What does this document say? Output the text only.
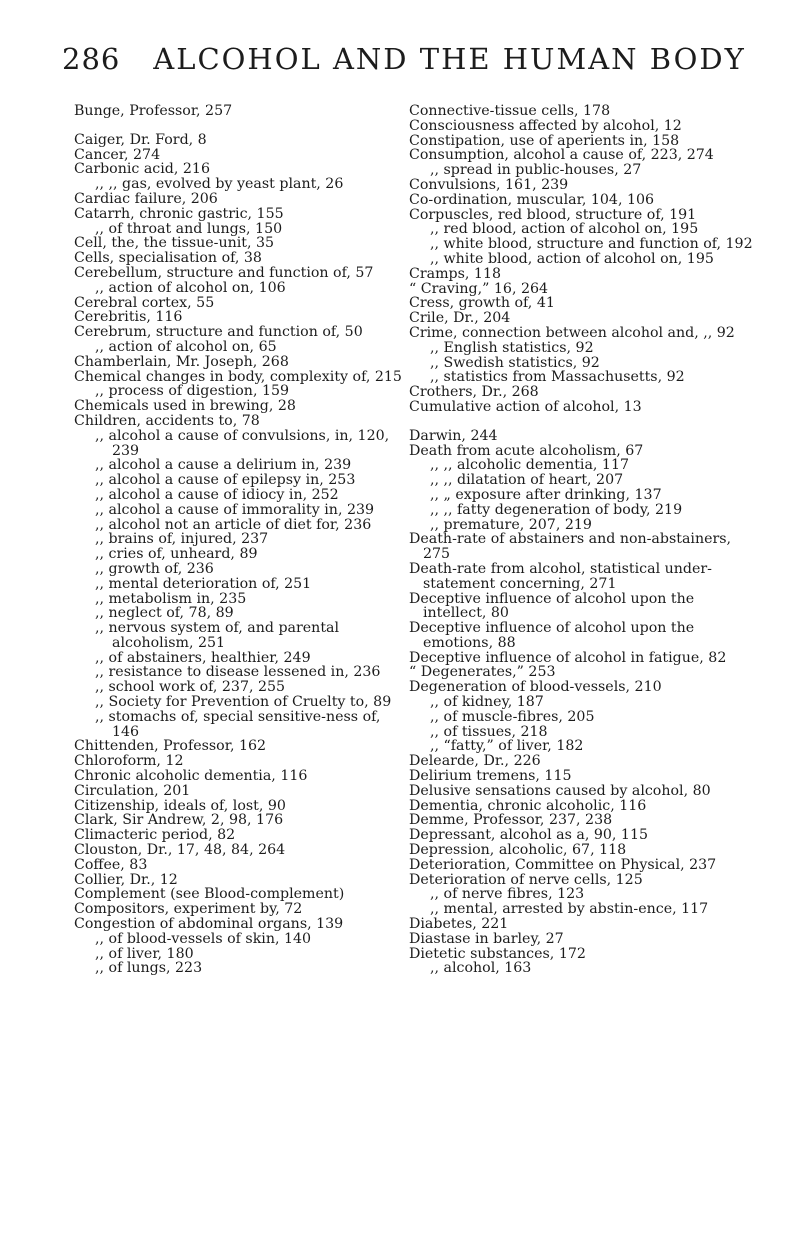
286 ALCOHOL AND THE HUMAN BODY
Bunge, Professor, 257
Caiger, Dr. Ford, 8
Cancer, 274
Carbonic acid, 216
,, ,, gas, evolved by yeast plant, 26
Cardiac failure, 206
Catarrh, chronic gastric, 155
,, of throat and lungs, 150
Cell, the, the tissue-unit, 35
Cells, specialisation of, 38
Cerebellum, structure and function of, 57
,, action of alcohol on, 106
Cerebral cortex, 55
Cerebritis, 116
Cerebrum, structure and function of, 50
,, action of alcohol on, 65
Chamberlain, Mr. Joseph, 268
Chemical changes in body, complexity of, 215
,, process of digestion, 159
Chemicals used in brewing, 28
Children, accidents to, 78
,, alcohol a cause of convulsions, in, 120, 239
,, alcohol a cause a delirium in, 239
,, alcohol a cause of epilepsy in, 253
,, alcohol a cause of idiocy in, 252
,, alcohol a cause of immorality in, 239
,, alcohol not an article of diet for, 236
,, brains of, injured, 237
,, cries of, unheard, 89
,, growth of, 236
,, mental deterioration of, 251
,, metabolism in, 235
,, neglect of, 78, 89
,, nervous system of, and parental alcoholism, 251
,, of abstainers, healthier, 249
,, resistance to disease lessened in, 236
,, school work of, 237, 255
,, Society for Prevention of Cruelty to, 89
,, stomachs of, special sensitive-ness of, 146
Chittenden, Professor, 162
Chloroform, 12
Chronic alcoholic dementia, 116
Circulation, 201
Citizenship, ideals of, lost, 90
Clark, Sir Andrew, 2, 98, 176
Climacteric period, 82
Clouston, Dr., 17, 48, 84, 264
Coffee, 83
Collier, Dr., 12
Complement (see Blood-complement)
Compositors, experiment by, 72
Congestion of abdominal organs, 139
,, of blood-vessels of skin, 140
,, of liver, 180
,, of lungs, 223
Connective-tissue cells, 178
Consciousness affected by alcohol, 12
Constipation, use of aperients in, 158
Consumption, alcohol a cause of, 223, 274
,, spread in public-houses, 27
Convulsions, 161, 239
Co-ordination, muscular, 104, 106
Corpuscles, red blood, structure of, 191
,, red blood, action of alcohol on, 195
,, white blood, structure and function of, 192
,, white blood, action of alcohol on, 195
Cramps, 118
“ Craving,” 16, 264
Cress, growth of, 41
Crile, Dr., 204
Crime, connection between alcohol and, ,, 92
,, English statistics, 92
,, Swedish statistics, 92
,, statistics from Massachusetts, 92
Crothers, Dr., 268
Cumulative action of alcohol, 13
Darwin, 244
Death from acute alcoholism, 67
,, ,, alcoholic dementia, 117
,, ,, dilatation of heart, 207
,, „ exposure after drinking, 137
,, ,, fatty degeneration of body, 219
,, premature, 207, 219
Death-rate of abstainers and non-abstainers, 275
Death-rate from alcohol, statistical under-statement concerning, 271
Deceptive influence of alcohol upon the intellect, 80
Deceptive influence of alcohol upon the emotions, 88
Deceptive influence of alcohol in fatigue, 82
“ Degenerates,” 253
Degeneration of blood-vessels, 210
,, of kidney, 187
,, of muscle-fibres, 205
,, of tissues, 218
,, “fatty,” of liver, 182
Delearde, Dr., 226
Delirium tremens, 115
Delusive sensations caused by alcohol, 80
Dementia, chronic alcoholic, 116
Demme, Professor, 237, 238
Depressant, alcohol as a, 90, 115
Depression, alcoholic, 67, 118
Deterioration, Committee on Physical, 237
Deterioration of nerve cells, 125
,, of nerve fibres, 123
,, mental, arrested by abstin-ence, 117
Diabetes, 221
Diastase in barley, 27
Dietetic substances, 172
,, alcohol, 163
